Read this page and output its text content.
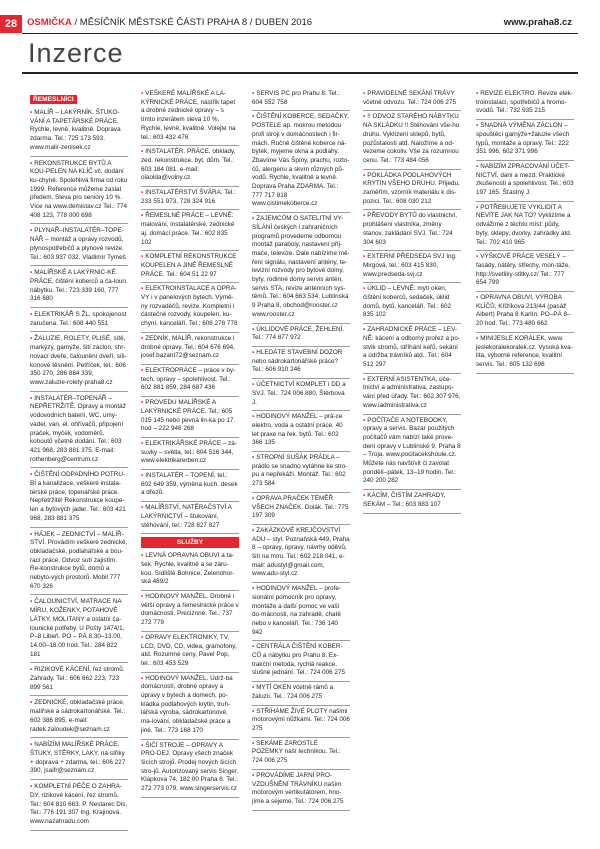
28	OSMIČKA / MĚSÍČNÍK MĚSTSKÉ ČÁSTI PRAHA 8 / DUBEN 2016	www.praha8.cz
Inzerce
ŘEMESLNÍCI
▪ MALÍŘ – LAKÝRNÍK. ŠTUKO-VÁNÍ A TAPETÁRSKÉ PRÁCE. Rychle, levně, kvalitně. Doprava zdarma. Tel.: 725 173 593. www.malir-zenisek.cz
▪ REKONSTRUKCE BYTŮ A KOU-PELEN NA KLÍČ vč. dodání ku-chyně. Spolehlivá firma od roku 1999. Reference můžeme zaslat předem. Sleva pro seniory 10 %. Více na www.demistav.cz Tel.: 774 408 123, 778 000 698
▪ PLYNAŘ–INSTALATÉR–TOPE-NÁŘ – montáž a opravy rozvodů, plynospotřebičů a plynové revize. Tel.: 603 937 032. Vladimír Tymeš
▪ MALÍŘSKÉ A LAKÝRNIC-KÉ PRÁCE, čištění koberců a ča-loun. nábytku. Tel.: 723 339 160, 777 316 680
▪ ELEKTRIKÁŘ S ŽL, spokojenost zaručena. Tel.: 608 440 551
▪ ŽALUZIE, ROLETY, PLISÉ, sítě, markýzy, garnýže, šití záclon, shr-novací dveře, čalounění dveří, síli-konové těsnění. Petříček, tel.: 606 350 270, 286 884 339, www.zaluzie-rolety-praha8.cz
▪ INSTALATÉR–TOPENÁŘ – NEPŘETRŽITĚ. Opravy a montáž vodovodních baterií, WC, umy-vadel, van, el. ohřívačů, připojení praček, myček, vodoměrů, kohoutů včetně dodání. Tel.: 603 421 968, 283 881 375. E-mail: rothenberg@centrum.cz
▪ ČIŠTĚNÍ ODPADNÍHO POTRU-BÍ a kanalizace, veškeré instala-térské práce, topenářské práce. Nepřetržitě! Rekonstrukce koupe-len a bytových jader. Tel.: 603 421 968, 283 881 375
▪ HÁJEK – ZEDNICTVÍ – MALÍŘ-STVÍ. Provádím veškeré zednické, obkladačské, podlahářské a bou-rací práce. Odvoz sutí zajistím. Re-konstrukce bytů, domů a nebyto-vých prostorů. Mobil 777 670 326
▪ ČALOUNICTVÍ, MATRACE NA MÍRU, KOŽENKY, POTAHOVÉ LÁTKY, MOLITANY a ostatní ča-lounické potřeby. U Pošty 1474/1, P–8 Libeň. PO – PÁ 8.30–13.00, 14.00–18.00 hod. Tel.: 284 822 181
▪ RIZIKOVÉ KÁCENÍ, řez stromů. Zahrady. Tel.: 606 662 223, 723 899 561
▪ ZEDNICKÉ, obkladačské práce, malířské a sádrokartonářské. Tel.: 602 386 895, e-mail: radek.zaloudek@seznam.cz
▪ NABÍZÍM MALÍŘSKÉ PRÁCE, ŠTUKY, STĚRKY, LAKY, ná-střiky + doprava + zdarma, tel.: 606 227 390, jsaifr@seznam.cz
▪ KOMPLETNÍ PÉČE O ZAHRA-DY, rizikové kácení, řez stromů. Tel.: 604 810 663. P. Nestarec Dis, Tel.: 776 191 307 Ing. Krajinová. www.nazahradu.com
▪ VEŠKERÉ MALÍŘSKÉ A LA-KÝRNICKÉ PRÁCE, nástřik tapet a drobné zednické opravy – s tímto inzerátem sleva 10 %. Rychle, levně, kvalitně. Volejte na tel.: 603 432 476
▪ INSTALATÉR. PRÁCE, obklady, zed. rekonstrukce, byt, dům. Tel.: 603 184 081. e-mail: olaolda@volny.cz
▪ INSTALATÉRSTVÍ ŠVÁRA. Tel.: 233 551 973, 728 324 916
▪ ŘEMESLNÉ PRÁCE – LEVNĚ: malování, instalatérské, zednické aj. domácí práce. Tel.: 602 835 102
▪ KOMPLETNÍ REKONSTRUKCE KOUPELEN A JINÉ ŘEMESLNÉ PRÁCE. Tel.: 604 51 22 97
▪ ELEKTROINSTALACE A OPRA-VY i v panelových bytech. Výmě-ny rozvaděčů, revize. Kompletní i částečné rozvody, koupelen, ku-chyní, kanceláří. Tel.: 608 278 778
▪ ZEDNÍK, MALÍŘ, rekonstrukce i drobné opravy. Tel.: 604 676 694, josef.bazant72@seznam.cz
▪ ELEKTROPRÁCE – práce v by-tech, opravy – spolehlivost. Tel.: 602 881 859, 284 687 436
▪ PROVEDU MALÍŘSKÉ A LAKÝRNICKÉ PRÁCE. Tel.: 605 015 145 nebo pevná lin-ka po 17. hod – 222 946 268
▪ ELEKTRIKÁŘSKÉ PRÁCE – zá-suvky – světla, tel.: 604 516 344, www.elektrikarerben.cz
▪ INSTALATÉR – TOPENÍ, tel.: 602 649 359, výměna kuch. desek a dřezů.
▪ MALÍŘSTVÍ, NATĚRAČSTVÍ A LAKÝRNICTVÍ – štukování, stěhování, tel.: 728 827 827
SLUŽBY
▪ LEVNÁ OPRAVNA OBUVI a ta-šek. Rychle, kvalitně a se záru-kou. Sídliště Bohnice, Zelenohor-ská 489/2
▪ HODINOVÝ MANŽEL. Drobné i větší opravy a řemeslnické práce v domácnosti. Preciznně. Tel.: 737 272 779
▪ OPRAVY ELEKTRONIKY, TV, LCD, DVD, CD, videa, gramofony, atd. Rozumné ceny, Pavel Pop, tel.: 603 453 529
▪ HODINOVÝ MANŽEL. Údrž-ba domácností, drobné opravy a úpravy v bytech a domech, po-kládka podlahových krytin, truh-lářská výroba, sádrokartonové, ma-lování, obkladačské práce a jiné. Tel.: 773 168 170
▪ ŠIČÍ STROJE – OPRAVY A PRO-DEJ. Opravy všech značek šicích strojů. Prodej nových šicích stro-jů. Autorizovaný servis Singer. Klapkova 74, 182 00 Praha 8. Tel.: 272 773 079, www.singerservis.cz
▪ SERVIS PC pro Prahu 8. Tel.: 604 552 758
▪ ČIŠTĚNÍ KOBERCE, SEDAČKY, POSTELE ap. mokrou metodou profi stroji v domácnostech i fir-mách. Ručně čištěné koberce ná-bytek, myjeme okna a podlahy. Zbavíme Vás Špíny, prachu, rozto-čů, alergenu a skvrn různých pů-vodů. Rychle, kvalitně a levně. Doprava Praha ZDARMA. Tel.: 777 717 818 www.cistimekoberce.cz
▪ ZAJEMCŮM O SATELITNÍ VY-SÍLÁNÍ českých i zahraničních programů provedeme odbornou montáž paraboly, nastavení příj-mače, televize. Dále nabízíme mě-ření signálu, nastavení antény, te-levizní rozvody pro bytové domy, byty, rodinné domy servis antén, servis STA, revize anténních sys-témů. Tel.: 604 663 534, Lublinská 9 Praha 8, obchod@rooster.cz www.rooster.cz
▪ ÚKLIDOVÉ PRÁCE, ŽEHLENÍ. Tel.: 774 877 972
▪ HLEDÁTE STAVEBNÍ DOZOR nebo sádrokartonářské práce? Tel.: 606 910 246
▪ ÚČETNICTVÍ KOMPLET i DD a SVJ. Tel.: 724 006 880, Štěrbová J.
▪ HODINOVÝ MANŽEL – prá-ce elektro, voda a ostatní práce. 40 let praxe na řek. bytů. Tel.: 602 366 135
▪ STROPNÍ SUŠÁK PRÁDLA – prádlo se snadno vytáhne ke stro-pu a nepřekáží. Montáž. Tel.: 602 273 584
▪ OPRAVA PRAČEK TÉMĚŘ VŠECH ZNAČEK. Dolák. Tel.: 775 197 309
▪ ZAKÁZKOVÉ KREJČOVSTVÍ ADU – styl. Poznaňská 449, Praha 8 – opravy, úpravy, návrhy oděvů, šití na míru. Tel.: 602 218 041, e-mail: adustyl@gmail.com, www.adu-styl.cz
▪ HODINOVÝ MANŽEL – profe-sionální pomocník pro opravy, montáže a další pomoc ve vaší do-mácnosti, na zahradě, chatě nebo v kanceláři. Tel.: 736 140 942
▪ CENTRÁLA ČIŠTĚNÍ KOBER-CŮ a nábytku pro Prahu 8. Ex-trakční metoda, rychlá reakce, slušné jednání. Tel.: 724 006 275
▪ MYTÍ OKEN včetně rámů a žaluzií. Tel.: 724 006 275
▪ STŘÍHÁME ŽIVÉ PLOTY našimi motorovými nůžkami. Tel.: 724 006 275
▪ SEKÁME ZAROSTLÉ POZEMKY naší technikou. Tel.: 724 006 275
▪ PROVÁDÍME JARNÍ PRO-VZDUŠNĚNÍ TRÁVNÍKU naším motorovým vertikutátorem, hno-jíme a sejeme. Tel.: 724 006 275
▪ PRAVIDELNÉ SEKÁNÍ TRÁVY včetně odvozu. Tel.: 724 006 275
▪ !! ODVOZ STARÉHO NÁBYTKU NA SKLÁDKU !! Stěhování vše-ho druhu. Vyklízení sklepů, bytů, pozůstalostí atd. Naložíme a od-vezeme cokoliv. Vše za rozumnou cenu. Tel.: 773 484 056
▪ POKLÁDKA PODLAHOVÝCH KRYTIN VŠEHO DRUHU. Přijedu, zaměřím, vzorník materiálu k dis-pozici. Tel.: 608 030 212
▪ PŘEVODY BYTŮ do vlastnictví, prohlášení vlastníka, změny stanov, zakládání SVJ. Tel.: 724 304 603
▪ EXTERNÍ PŘEDSEDA SVJ Ing. Mirgová, tel.: 603 415 830, www.predseda-svj.cz
▪ ÚKLID – LEVNĚ: mytí oken, čištění koberců, sedaček, úklid domů, bytů, kanceláří. Tel.: 602 835 102
▪ ZAHRADNICKÉ PRÁCE – LEV-NĚ: kácení a odborný prořez a po-stvik stromů, stříhání keřů, sekání a údržba trávníků atd.. Tel.: 604 512 297
▪ EXTERNÍ ASISTENTKA, úče-tnictví a administrativa, zastupo-vání před úřady. Tel.: 602 307 976, www.iadministrativa.cz
▪ POČÍTAČE A NOTEBOOKY, opravy a servis. Bazar použitých počítačů vám nabízí také prove-dení opravy v Lublinské 9, Praha 8 – Troja. www.pocitacekshoule.cz. Můžete nás navštívit či zavolat pondělí–pátek, 13–19 hodin. Tel.: 240 200 282
▪ KÁCÍM, ČISTÍM ZAHRADY, SEKÁM – Tel.: 603 883 107
▪ REVIZE ELEKTRO. Revize elek-troinstalací, spotřebičů a hromo-svodů. Tel.: 732 935 215
▪ SNADNÁ VÝMĚNA ZÁCLON – spouštěcí garnýže+žaluzie všech typů, montáže a opravy. Tel.: 222 351 996, 602 371 996
▪ NABÍZÍM ZPRACOVÁNÍ ÚČET-NICTVÍ, daní a mezd. Praktické zkušenosti a spolehlivost. Tel.: 603 197 165. Šťastný J.
▪ POTŘEBUJETE VYKLIDIT A NEVÍTE JAK NA TO? Vyklizíme a odvážíme z těchto míst: půdy, byty, sklepy, dvorky, zahrádky atd. Tel.: 702 410 965
▪ VÝŠKOVÉ PRÁCE VESELÝ – fasády, nátěry, střechy, mon-táže, http://svetliky-stitky.cz/ Tel.: 777 654 799
▪ OPRAVNA OBUVI, VÝROBA KLÍČŮ, Křižíkova 213/44 (pasáž Albert) Praha 8 Karlín, PO–PÁ 8–20 hod. Tel.: 773 480 662
▪ MINIJESLE KORÁLEK, www. jeslekoralekoralek.cz. Vysoká kva-lita, výborné reference, kvalitní servis. Tel.: 605 132 696
